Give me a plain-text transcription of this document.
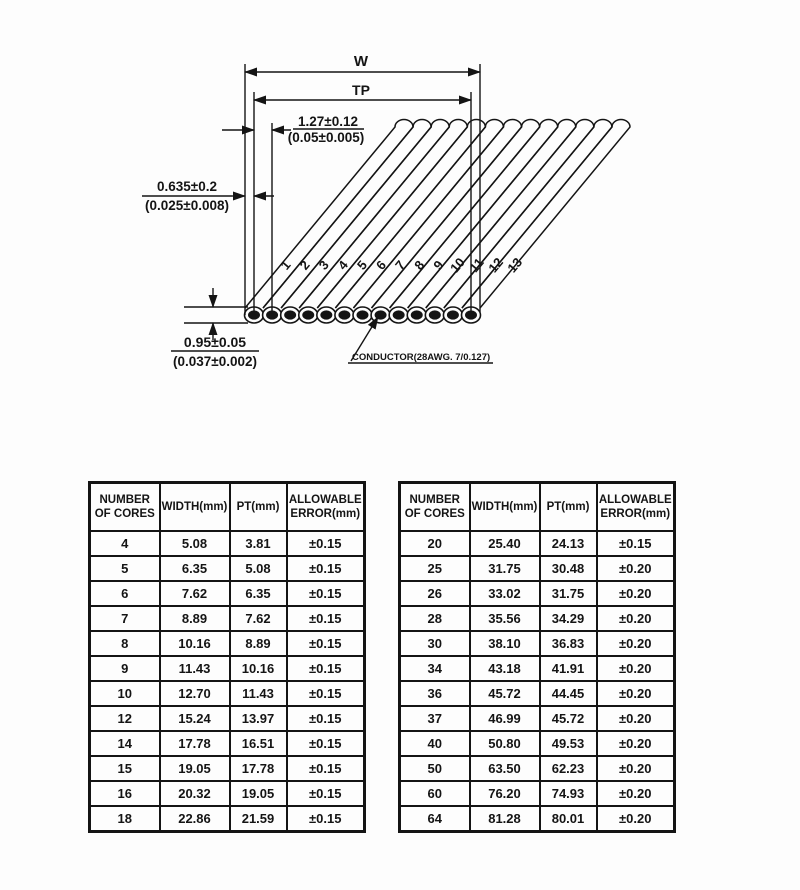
1 2 3 4 5 6 7 8 9 10
11
12
13
W
TP
1.27±0.12
(0.05±0.005)
0.635±0.2
(0.025±0.008)
0.95±0.05
(0.037±0.002)	CONDUCTOR(28AWG. 7/0.127)
NUMBER OF CORES	WIDTH(mm)	PT(mm)	ALLOWABLE ERROR(mm)
4	5.08	3.81	±0.15
5	6.35	5.08	±0.15
6	7.62	6.35	±0.15
7	8.89	7.62	±0.15
8	10.16	8.89	±0.15
9	11.43	10.16	±0.15
10	12.70	11.43	±0.15
12	15.24	13.97	±0.15
14	17.78	16.51	±0.15
15	19.05	17.78	±0.15
16	20.32	19.05	±0.15
18	22.86	21.59	±0.15
NUMBER OF CORES	WIDTH(mm)	PT(mm)	ALLOWABLE ERROR(mm)
20	25.40	24.13	±0.15
25	31.75	30.48	±0.20
26	33.02	31.75	±0.20
28	35.56	34.29	±0.20
30	38.10	36.83	±0.20
34	43.18	41.91	±0.20
36	45.72	44.45	±0.20
37	46.99	45.72	±0.20
40	50.80	49.53	±0.20
50	63.50	62.23	±0.20
60	76.20	74.93	±0.20
64	81.28	80.01	±0.20
